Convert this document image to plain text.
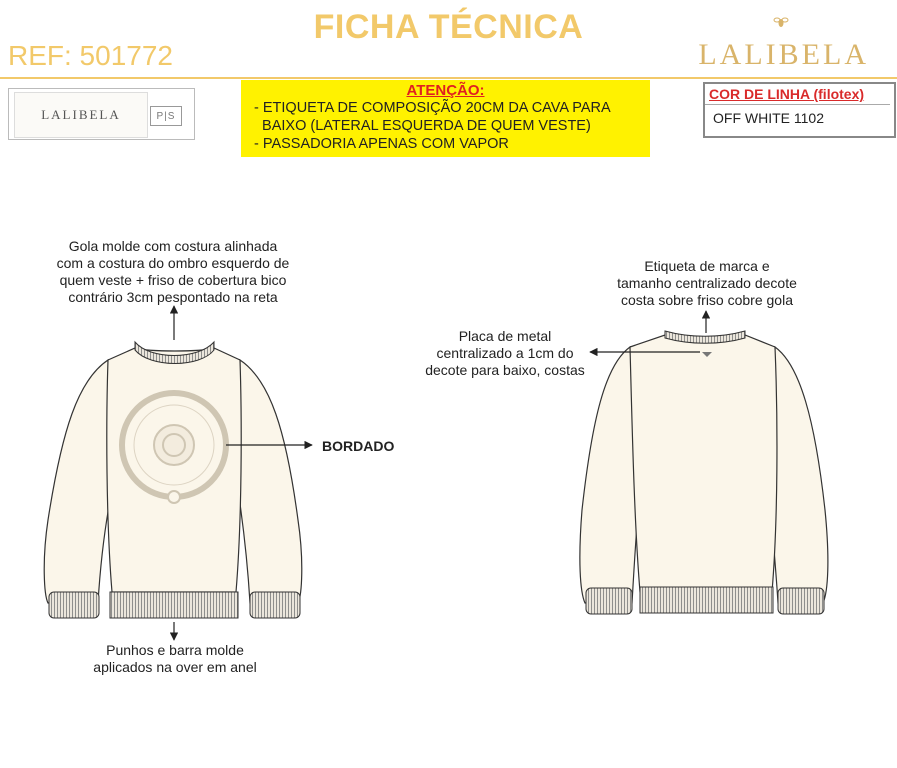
FICHA TÉCNICA
REF: 501772	LALIBELA
LALIBELA	P|S
ATENÇÃO:
- ETIQUETA DE COMPOSIÇÃO 20CM DA CAVA PARA
BAIXO (LATERAL ESQUERDA DE QUEM VESTE)
- PASSADORIA APENAS COM VAPOR
COR DE LINHA (filotex)
OFF WHITE 1102
Gola molde com costura alinhada
com a costura do ombro esquerdo de
quem veste + friso de cobertura bico
contrário 3cm pespontado na reta
BORDADO
Punhos e barra molde
aplicados na over em anel
Etiqueta de marca e
tamanho centralizado decote
costa sobre friso cobre gola
Placa de metal
centralizado a 1cm do
decote para baixo, costas
